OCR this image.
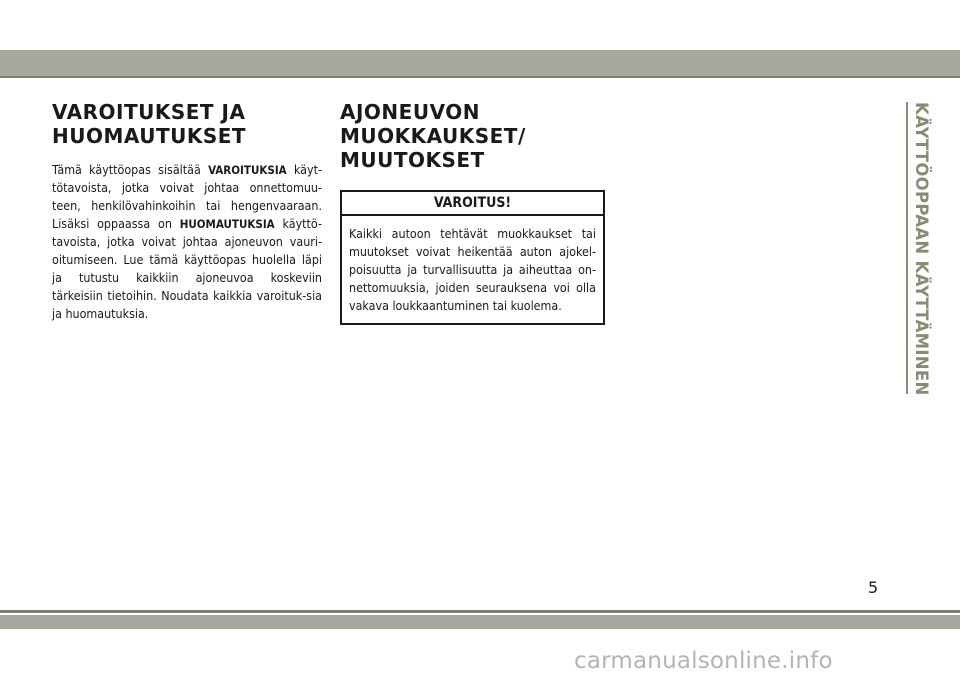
VAROITUKSET JA
HUOMAUTUKSET
Tämä käyttöopas sisältää VAROITUKSIA käyt-tötavoista, jotka voivat johtaa onnettomuu-teen, henkilövahinkoihin tai hengenvaaraan. Lisäksi oppaassa on HUOMAUTUKSIA käyttö-tavoista, jotka voivat johtaa ajoneuvon vauri-oitumiseen. Lue tämä käyttöopas huolella läpi ja tutustu kaikkiin ajoneuvoa koskeviin tärkeisiin tietoihin. Noudata kaikkia varoituk-sia ja huomautuksia.
AJONEUVON
MUOKKAUKSET/
MUUTOKSET
VAROITUS!
Kaikki autoon tehtävät muokkaukset tai muutokset voivat heikentää auton ajokel-poisuutta ja turvallisuutta ja aiheuttaa on-nettomuuksia, joiden seurauksena voi olla vakava loukkaantuminen tai kuolema.	KÄYTTÖOPPAAN KÄYTTÄMINEN
5
carmanualsonline.info
